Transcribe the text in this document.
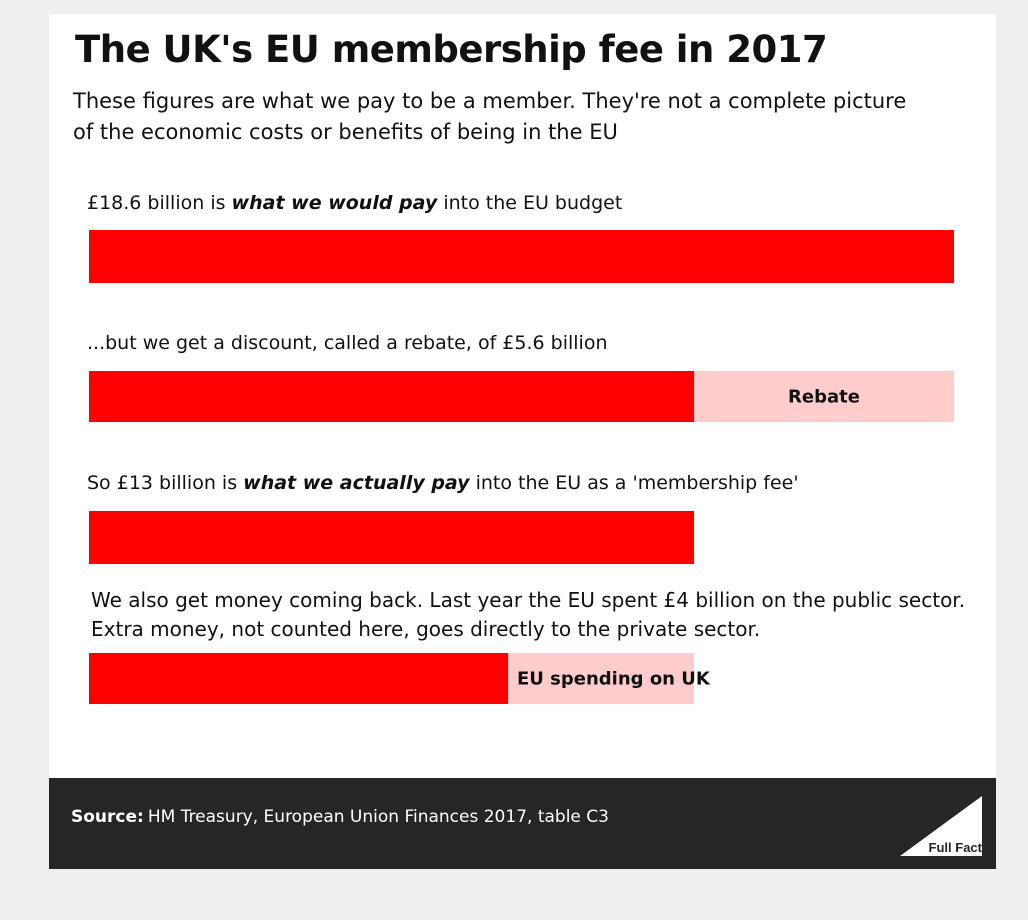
The UK's EU membership fee in 2017
These figures are what we pay to be a member. They're not a complete picture of the economic costs or benefits of being in the EU
£18.6 billion is what we would pay into the EU budget
...but we get a discount, called a rebate, of £5.6 billion
So £13 billion is what we actually pay into the EU as a 'membership fee'
We also get money coming back. Last year the EU spent £4 billion on the public sector. Extra money, not counted here, goes directly to the private sector.
Rebate
EU spending on UK
Source: HM Treasury, European Union Finances 2017, table C3
Full Fact
